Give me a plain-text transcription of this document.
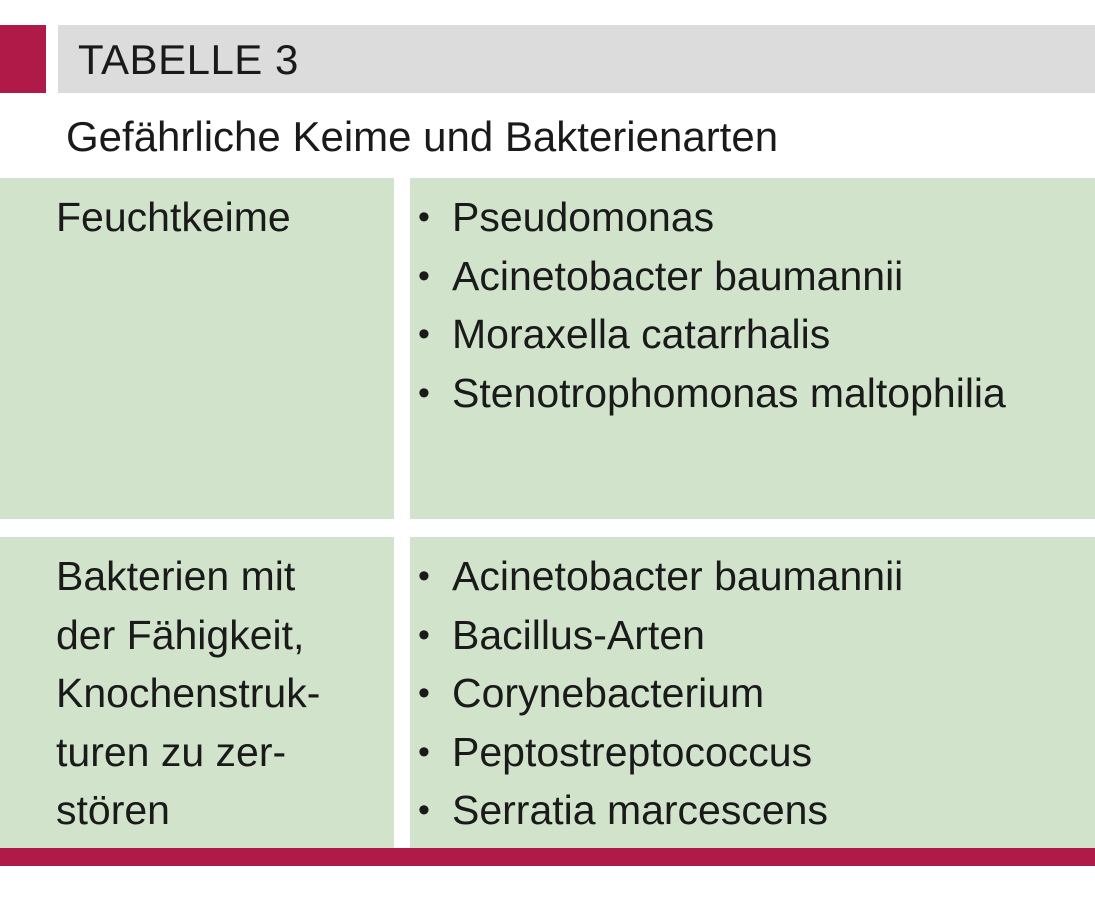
TABELLE 3
Gefährliche Keime und Bakterienarten
Feuchtkeime	• Pseudomonas
• Acinetobacter baumannii
• Moraxella catarrhalis
• Stenotrophomonas maltophilia
Bakterien mit
der Fähigkeit,
Knochenstruk-
turen zu zer-
stören
• Acinetobacter baumannii
• Bacillus-Arten
• Corynebacterium
• Peptostreptococcus
• Serratia marcescens
